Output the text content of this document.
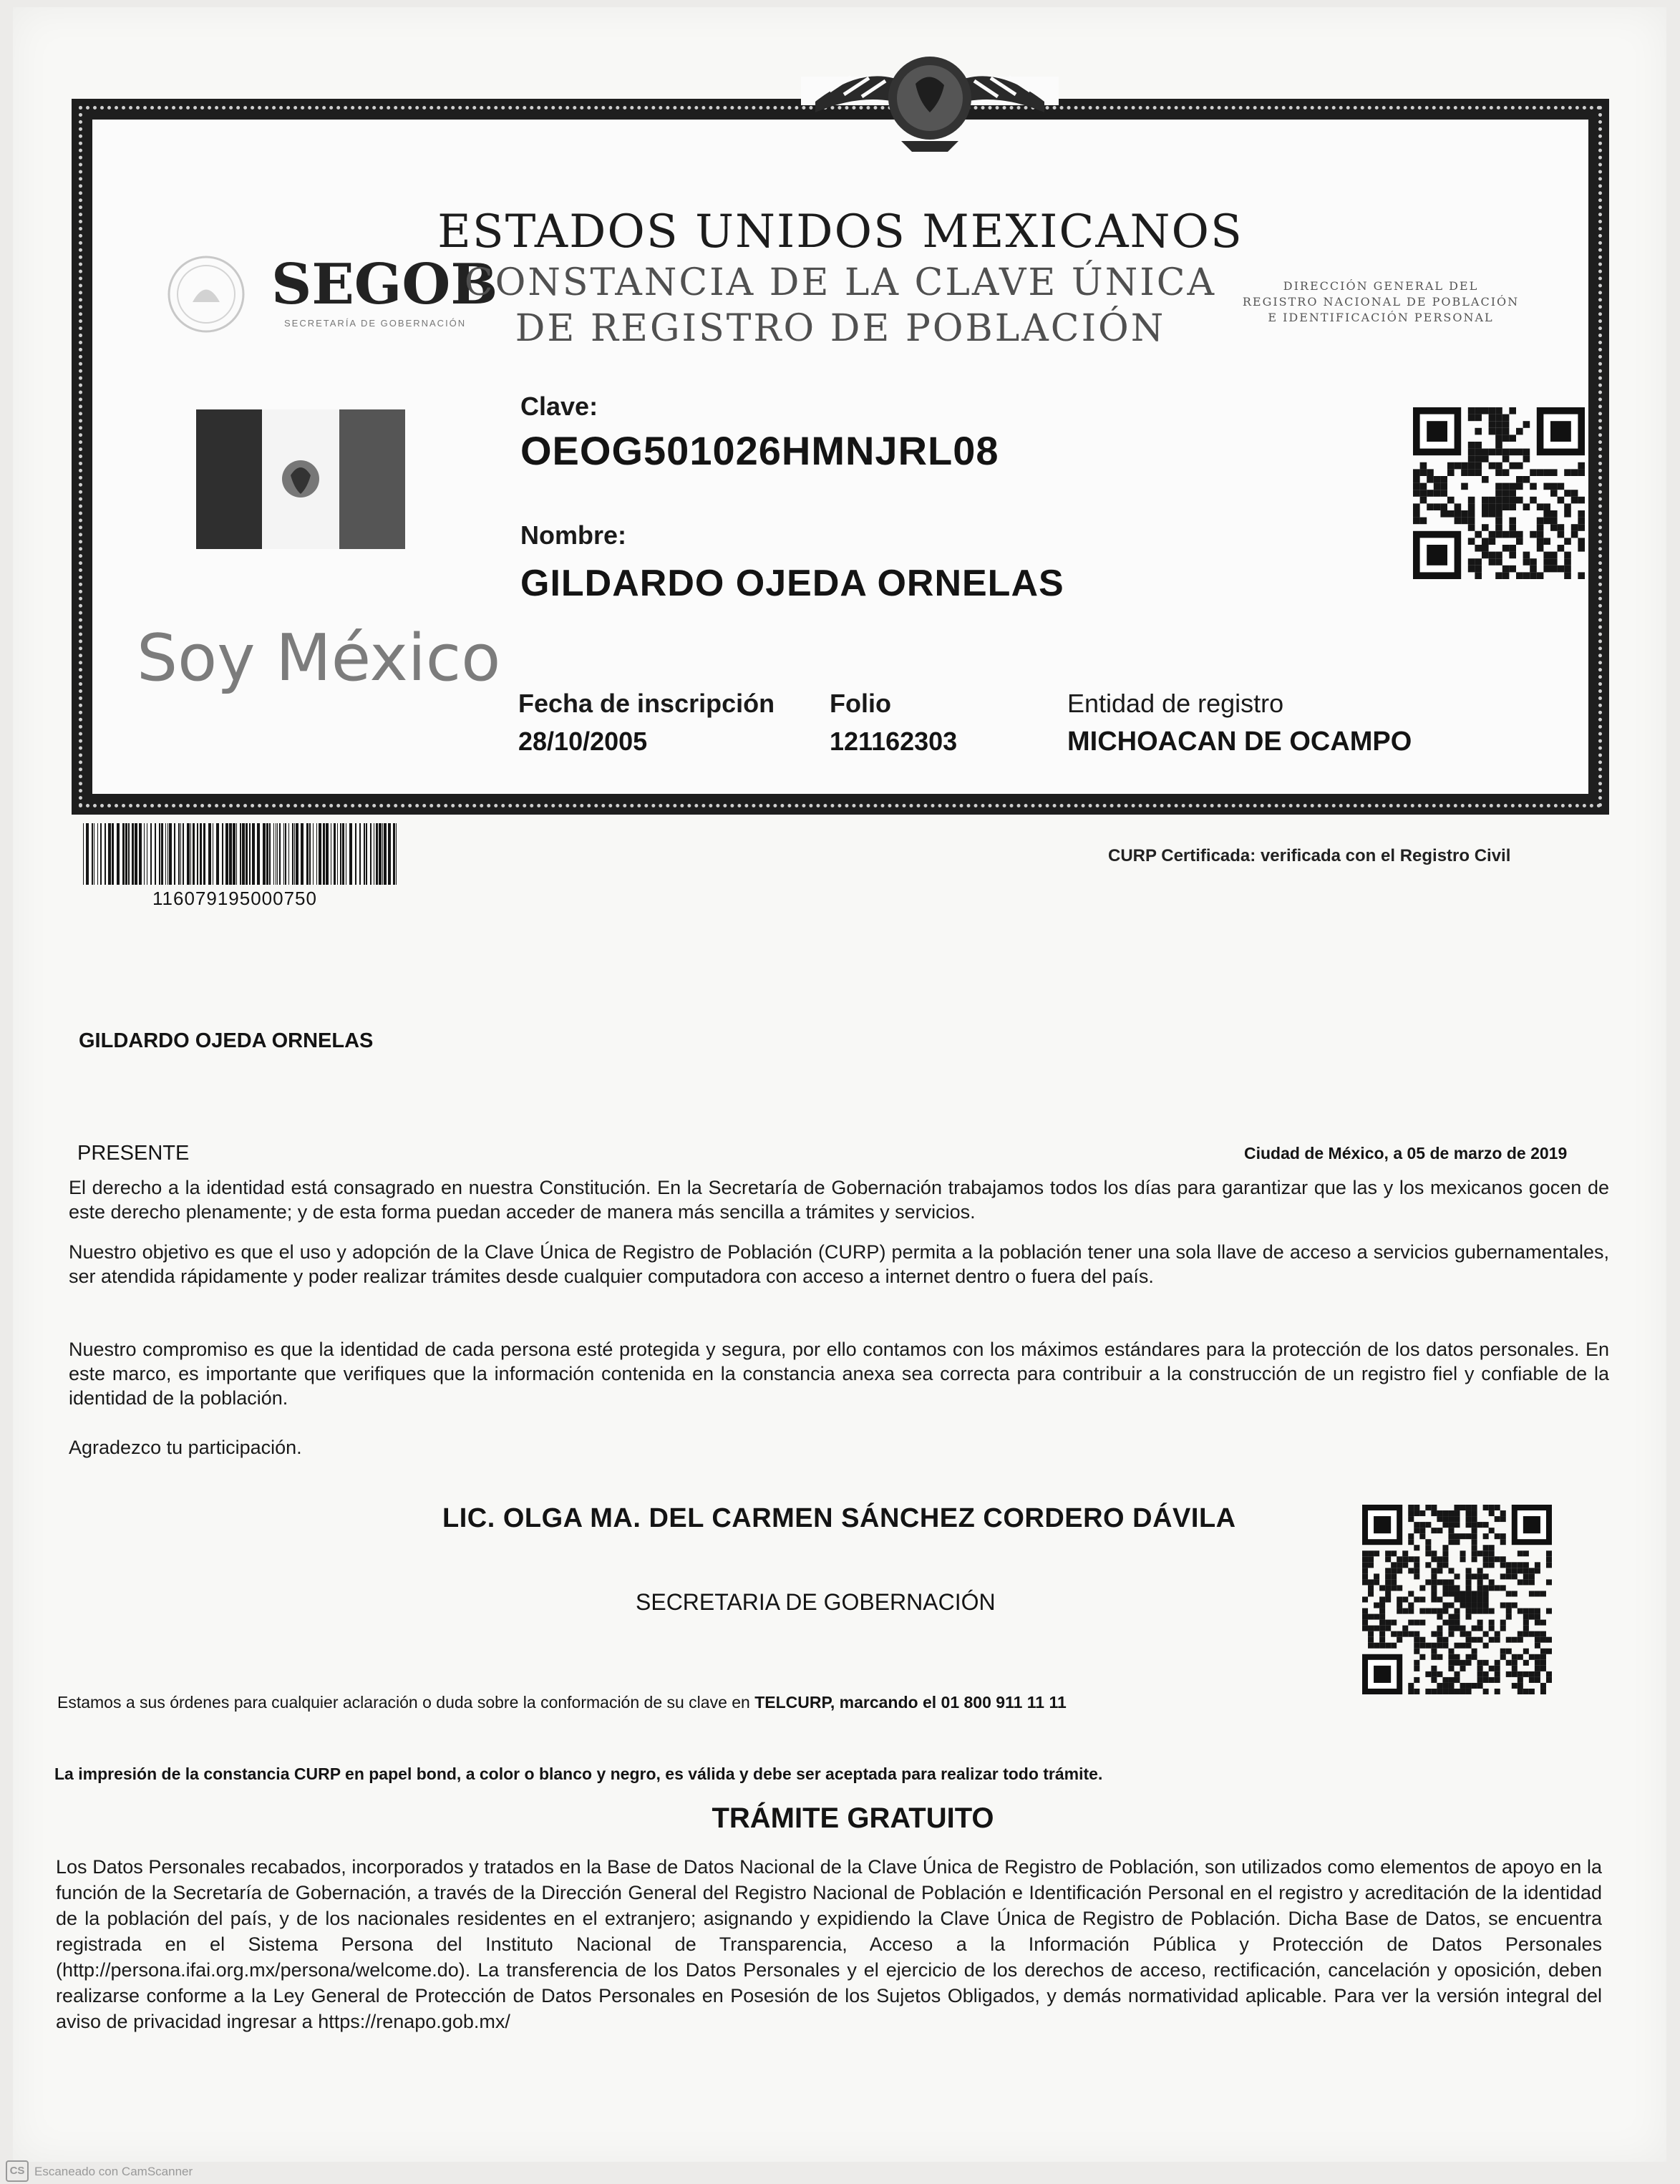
SEGOB
SECRETARÍA DE GOBERNACIÓN
ESTADOS UNIDOS MEXICANOS
CONSTANCIA DE LA CLAVE ÚNICA
DE REGISTRO DE POBLACIÓN
DIRECCIÓN GENERAL DEL
REGISTRO NACIONAL DE POBLACIÓN
E IDENTIFICACIÓN PERSONAL
Clave:
OEOG501026HMNJRL08
Nombre:
GILDARDO OJEDA ORNELAS
Soy México
Fecha de inscripción
28/10/2005
Folio
121162303
Entidad de registro
MICHOACAN DE OCAMPO
116079195000750
CURP Certificada: verificada con el Registro Civil
GILDARDO OJEDA ORNELAS
PRESENTE	Ciudad de México, a 05 de marzo de 2019
El derecho a la identidad está consagrado en nuestra Constitución. En la Secretaría de Gobernación trabajamos todos los días para garantizar que las y los mexicanos gocen de este derecho plenamente; y de esta forma puedan acceder de manera más sencilla a trámites y servicios.
Nuestro objetivo es que el uso y adopción de la Clave Única de Registro de Población (CURP) permita a la población tener una sola llave de acceso a servicios gubernamentales, ser atendida rápidamente y poder realizar trámites desde cualquier computadora con acceso a internet dentro o fuera del país.
Nuestro compromiso es que la identidad de cada persona esté protegida y segura, por ello contamos con los máximos estándares para la protección de los datos personales. En este marco, es importante que verifiques que la información contenida en la constancia anexa sea correcta para contribuir a la construcción de un registro fiel y confiable de la identidad de la población.
Agradezco tu participación.
LIC. OLGA MA. DEL CARMEN SÁNCHEZ CORDERO DÁVILA
SECRETARIA DE GOBERNACIÓN
Estamos a sus órdenes para cualquier aclaración o duda sobre la conformación de su clave en TELCURP, marcando el 01 800 911 11 11
La impresión de la constancia CURP en papel bond, a color o blanco y negro, es válida y debe ser aceptada para realizar todo trámite.
TRÁMITE GRATUITO
Los Datos Personales recabados, incorporados y tratados en la Base de Datos Nacional de la Clave Única de Registro de Población, son utilizados como elementos de apoyo en la función de la Secretaría de Gobernación, a través de la Dirección General del Registro Nacional de Población e Identificación Personal en el registro y acreditación de la identidad de la población del país, y de los nacionales residentes en el extranjero; asignando y expidiendo la Clave Única de Registro de Población. Dicha Base de Datos, se encuentra registrada en el Sistema Persona del Instituto Nacional de Transparencia, Acceso a la Información Pública y Protección de Datos Personales (http://persona.ifai.org.mx/persona/welcome.do). La transferencia de los Datos Personales y el ejercicio de los derechos de acceso, rectificación, cancelación y oposición, deben realizarse conforme a la Ley General de Protección de Datos Personales en Posesión de los Sujetos Obligados, y demás normatividad aplicable. Para ver la versión integral del aviso de privacidad ingresar a https://renapo.gob.mx/
CS Escaneado con CamScanner
